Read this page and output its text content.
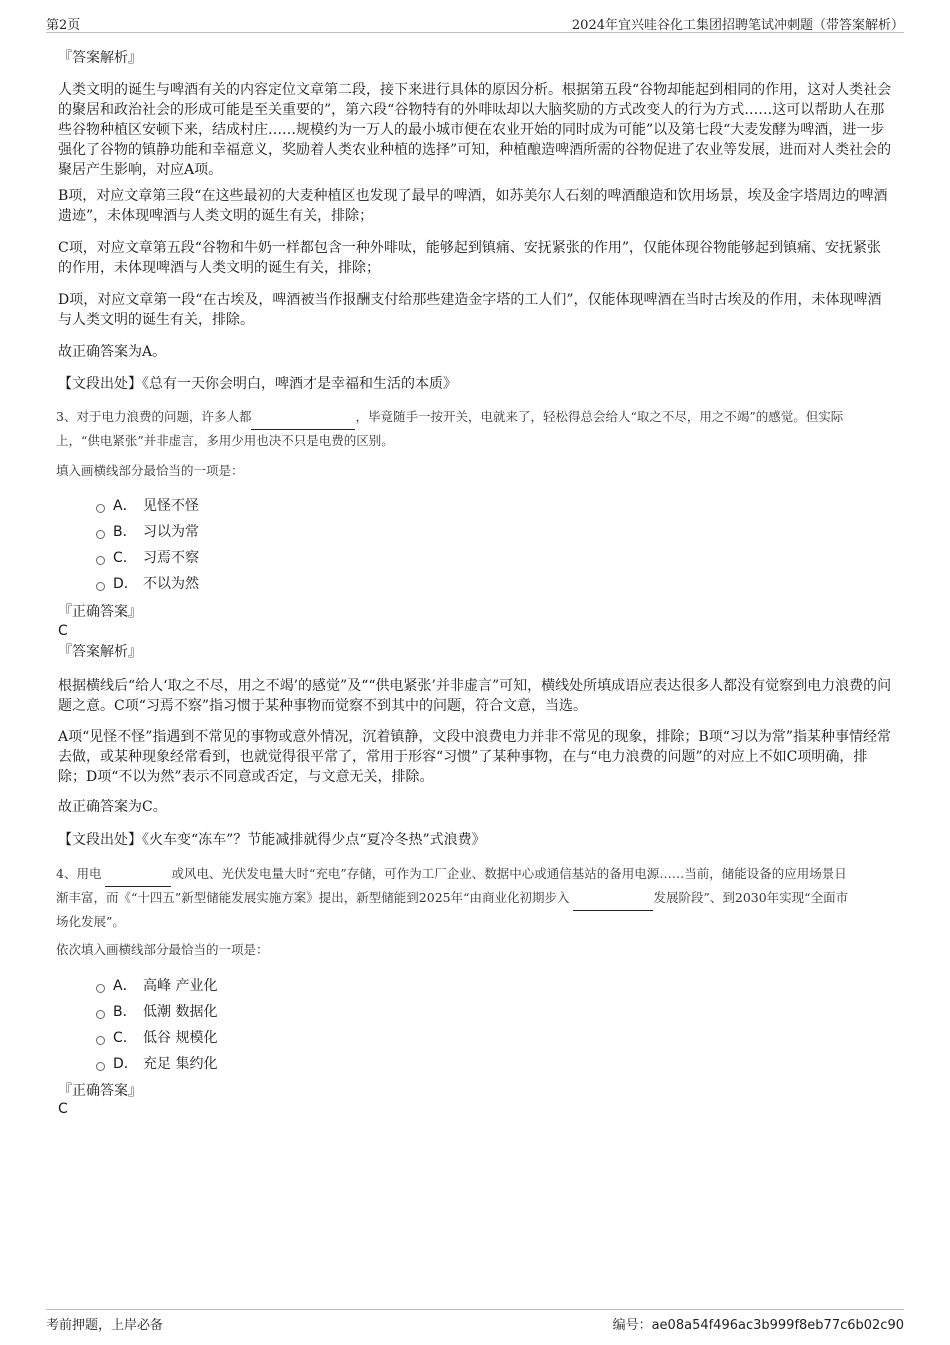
第2页	2024年宜兴哇谷化工集团招聘笔试冲刺题（带答案解析）

『答案解析』

人类文明的诞生与啤酒有关的内容定位文章第二段，接下来进行具体的原因分析。根据第五段“谷物却能起到相同的作用，这对人类社会的聚居和政治社会的形成可能是至关重要的”，第六段“谷物特有的外啡呔却以大脑奖励的方式改变人的行为方式……这可以帮助人在那些谷物种植区安顿下来，结成村庄……规模约为一万人的最小城市便在农业开始的同时成为可能”以及第七段“大麦发酵为啤酒，进一步强化了谷物的镇静功能和幸福意义，奖励着人类农业种植的选择”可知，种植酿造啤酒所需的谷物促进了农业等发展，进而对人类社会的聚居产生影响，对应A项。

B项，对应文章第三段“在这些最初的大麦种植区也发现了最早的啤酒，如苏美尔人石刻的啤酒酿造和饮用场景，埃及金字塔周边的啤酒遗迹”，未体现啤酒与人类文明的诞生有关，排除；

C项，对应文章第五段“谷物和牛奶一样都包含一种外啡呔，能够起到镇痛、安抚紧张的作用”，仅能体现谷物能够起到镇痛、安抚紧张的作用，未体现啤酒与人类文明的诞生有关，排除；

D项，对应文章第一段“在古埃及，啤酒被当作报酬支付给那些建造金字塔的工人们”，仅能体现啤酒在当时古埃及的作用，未体现啤酒与人类文明的诞生有关，排除。

故正确答案为A。

【文段出处】《总有一天你会明白，啤酒才是幸福和生活的本质》

3、对于电力浪费的问题，许多人都	，毕竟随手一按开关，电就来了，轻松得总会给人“取之不尽，用之不竭”的感觉。但实际
上，“供电紧张”并非虚言，多用少用也决不只是电费的区别。

填入画横线部分最恰当的一项是：

A． 见怪不怪
B． 习以为常
C． 习焉不察
D． 不以为然

『正确答案』

C

『答案解析』

根据横线后“给人‘取之不尽，用之不竭’的感觉”及““供电紧张’并非虚言”可知，横线处所填成语应表达很多人都没有觉察到电力浪费的问题之意。C项“习焉不察”指习惯于某种事物而觉察不到其中的问题，符合文意，当选。

A项“见怪不怪”指遇到不常见的事物或意外情况，沉着镇静，文段中浪费电力并非不常见的现象，排除；B项“习以为常”指某种事情经常去做，或某种现象经常看到，也就觉得很平常了，常用于形容“习惯”了某种事物，在与“电力浪费的问题”的对应上不如C项明确，排除；D项“不以为然”表示不同意或否定，与文意无关，排除。

故正确答案为C。

【文段出处】《火车变“冻车”？节能减排就得少点“夏冷冬热”式浪费》

4、用电	或风电、光伏发电量大时“充电”存储，可作为工厂企业、数据中心或通信基站的备用电源……当前，储能设备的应用场景日
渐丰富，而《“十四五”新型储能发展实施方案》提出，新型储能到2025年“由商业化初期步入	发展阶段”、到2030年实现“全面市
场化发展”。

依次填入画横线部分最恰当的一项是：

A． 高峰 产业化
B． 低潮 数据化
C． 低谷 规模化
D． 充足 集约化

『正确答案』

C

考前押题，上岸必备	编号：ae08a54f496ac3b999f8eb77c6b02c90
